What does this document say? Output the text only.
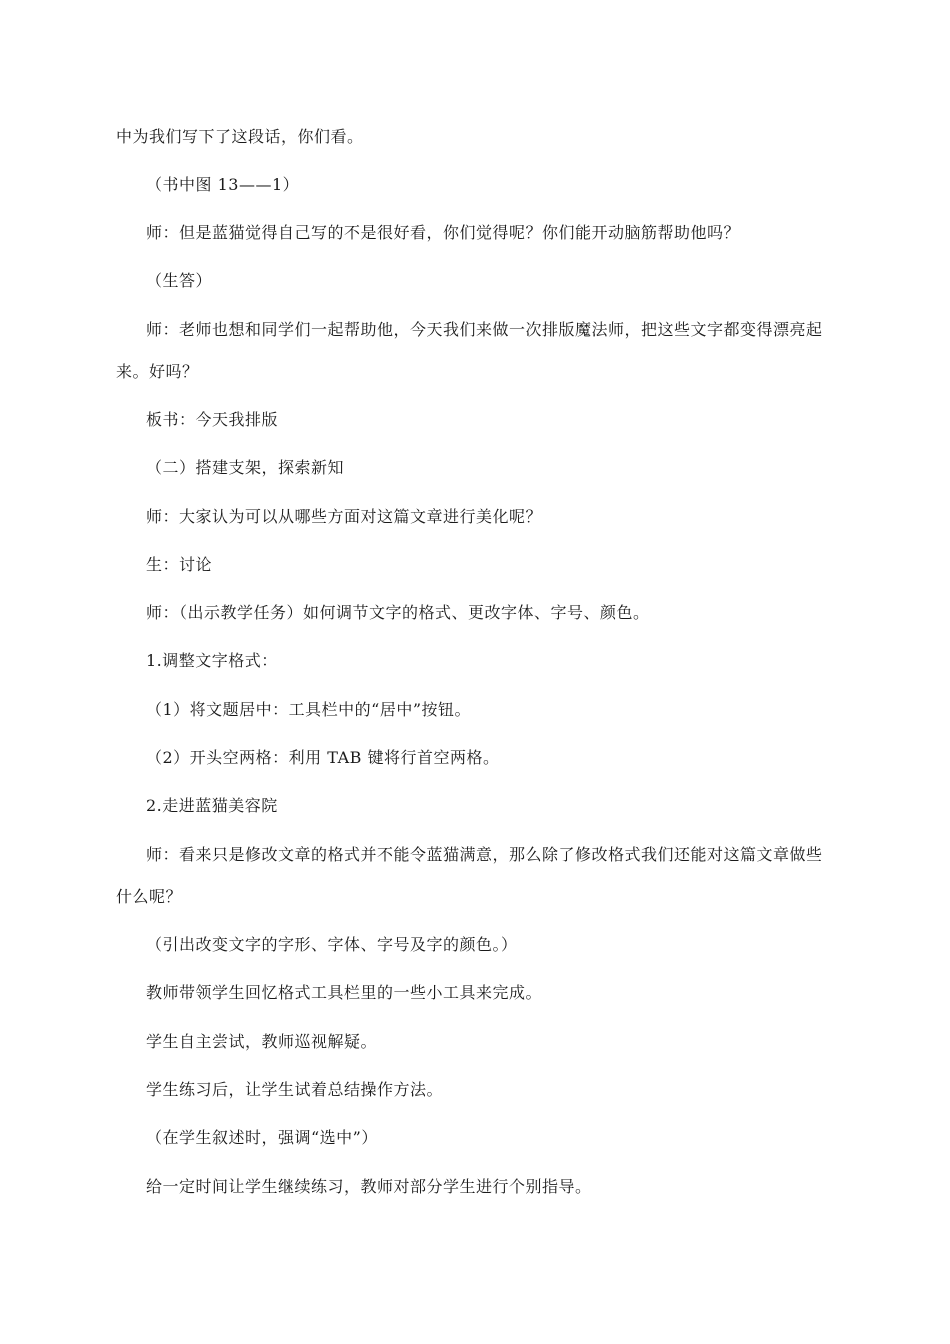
中为我们写下了这段话，你们看。
（书中图 13——1）
师：但是蓝猫觉得自己写的不是很好看，你们觉得呢？你们能开动脑筋帮助他吗？
（生答）
师：老师也想和同学们一起帮助他，今天我们来做一次排版魔法师，把这些文字都变得漂亮起
来。好吗？
板书：今天我排版
（二）搭建支架，探索新知
师：大家认为可以从哪些方面对这篇文章进行美化呢？
生：讨论
师：（出示教学任务）如何调节文字的格式、更改字体、字号、颜色。
1.调整文字格式：
（1）将文题居中：工具栏中的“居中”按钮。
（2）开头空两格：利用 TAB 键将行首空两格。
2.走进蓝猫美容院
师：看来只是修改文章的格式并不能令蓝猫满意，那么除了修改格式我们还能对这篇文章做些
什么呢？
（引出改变文字的字形、字体、字号及字的颜色。）
教师带领学生回忆格式工具栏里的一些小工具来完成。
学生自主尝试，教师巡视解疑。
学生练习后，让学生试着总结操作方法。
（在学生叙述时，强调“选中”）
给一定时间让学生继续练习，教师对部分学生进行个别指导。
